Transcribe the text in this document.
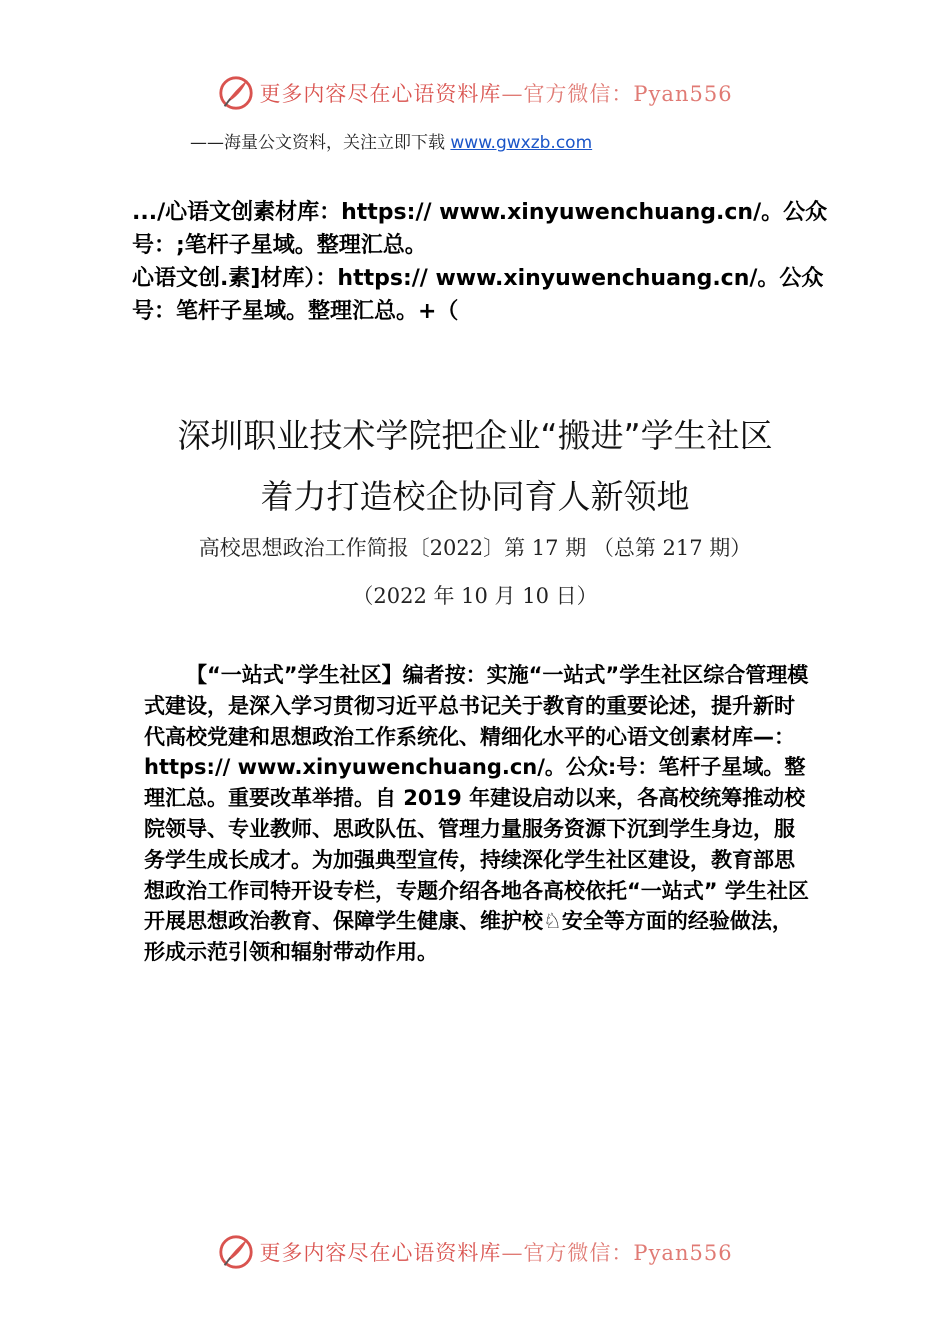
更多内容尽在心语资料库—官方微信：Pyan556
——海量公文资料，关注立即下载 www.gwxzb.com

.../心语文创素材库：https:// www.xinyuwenchuang.cn/。公众号：;笔杆子星域。整理汇总。

心语文创.素]材库）：https:// www.xinyuwenchuang.cn/。公众号：笔杆子星域。整理汇总。+（

深圳职业技术学院把企业“搬进”学生社区
着力打造校企协同育人新领地
高校思想政治工作简报〔2022〕第 17 期 （总第 217 期）
（2022 年 10 月 10 日）

【“一站式”学生社区】编者按：实施“一站式”学生社区综合管理模式建设，是深入学习贯彻习近平总书记关于教育的重要论述，提升新时代高校党建和思想政治工作系统化、精细化水平的心语文创素材库—：https:// www.xinyuwenchuang.cn/。公众:号：笔杆子星域。整理汇总。重要改革举措。自 2019 年建设启动以来，各高校统筹推动校院领导、专业教师、思政队伍、管理力量服务资源下沉到学生身边，服务学生成长成才。为加强典型宣传，持续深化学生社区建设，教育部思想政治工作司特开设专栏，专题介绍各地各高校依托“一站式” 学生社区开展思想政治教育、保障学生健康、维护校♘安全等方面的经验做法，形成示范引领和辐射带动作用。

更多内容尽在心语资料库—官方微信：Pyan556
